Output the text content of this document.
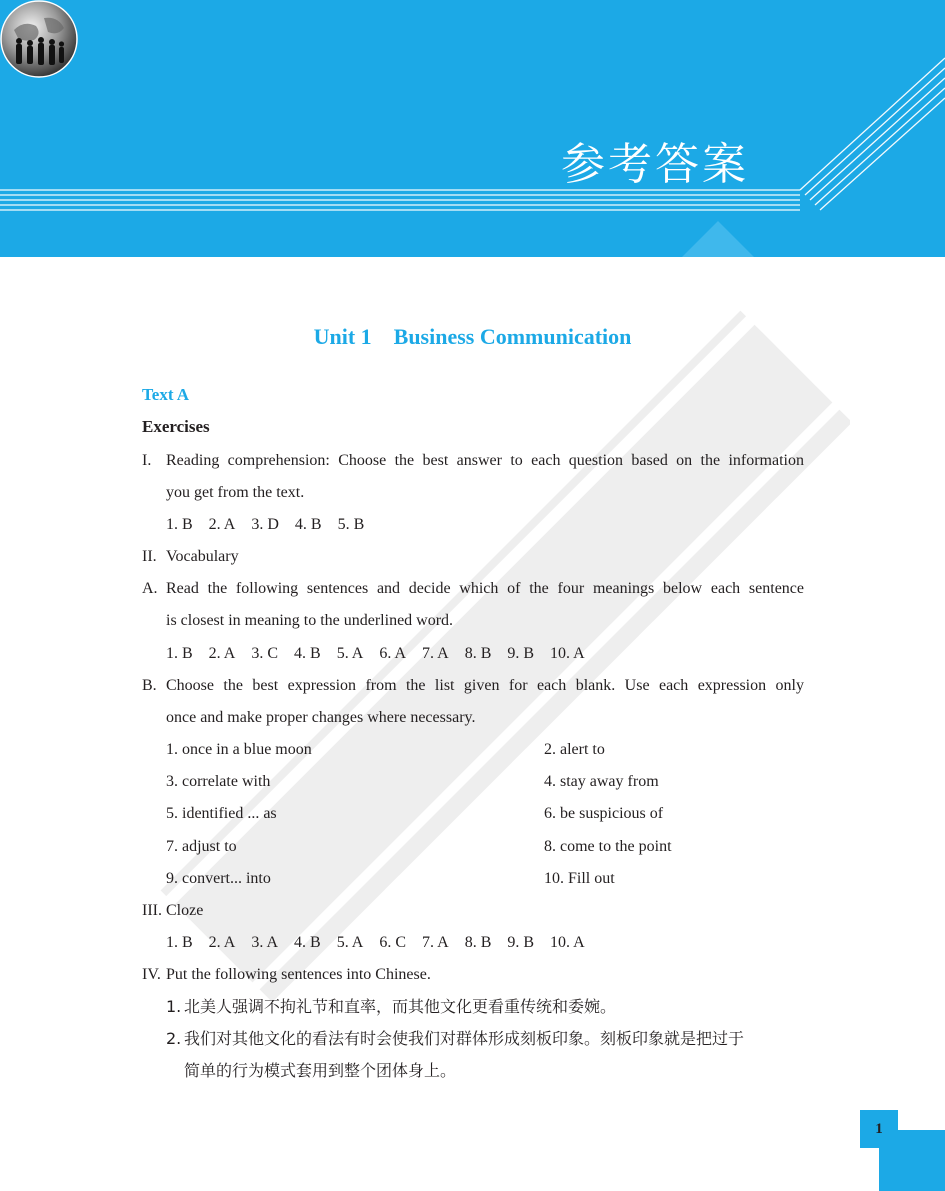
参考答案
Unit 1 Business Communication
Text A
Exercises
I. Reading comprehension: Choose the best answer to each question based on the information
you get from the text.
1. B 2. A 3. D 4. B 5. B
II. Vocabulary
A. Read the following sentences and decide which of the four meanings below each sentence
is closest in meaning to the underlined word.
1. B 2. A 3. C 4. B 5. A 6. A 7. A 8. B 9. B 10. A
B. Choose the best expression from the list given for each blank. Use each expression only
once and make proper changes where necessary.
1. once in a blue moon	2. alert to
3. correlate with	4. stay away from
5. identified ... as	6. be suspicious of
7. adjust to	8. come to the point
9. convert... into	10. Fill out
III. Cloze
1. B 2. A 3. A 4. B 5. A 6. C 7. A 8. B 9. B 10. A
IV. Put the following sentences into Chinese.
1. 北美人强调不拘礼节和直率，而其他文化更看重传统和委婉。
2. 我们对其他文化的看法有时会使我们对群体形成刻板印象。刻板印象就是把过于
简单的行为模式套用到整个团体身上。
1
